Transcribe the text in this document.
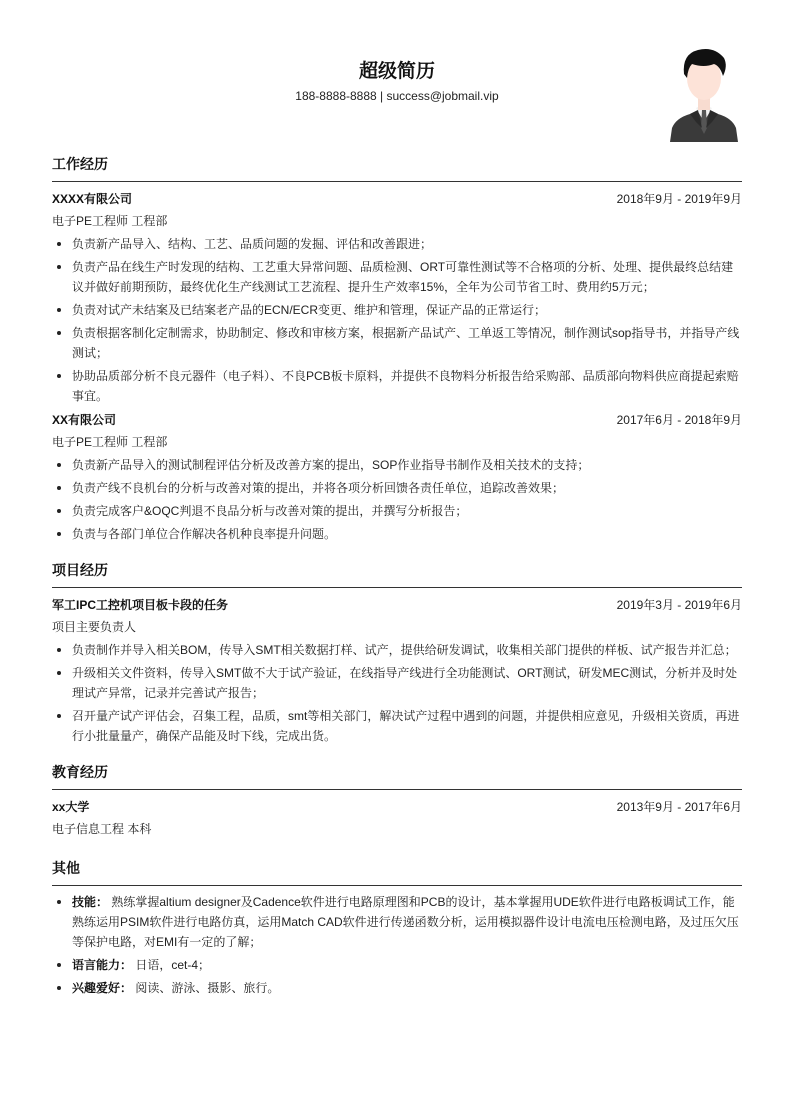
超级简历
188-8888-8888 | success@jobmail.vip
工作经历
XXXX有限公司	2018年9月 - 2019年9月
电子PE工程师 工程部
负责新产品导入、结构、工艺、品质问题的发掘、评估和改善跟进；
负责产品在线生产时发现的结构、工艺重大异常问题、品质检测、ORT可靠性测试等不合格项的分析、处理、提供最终总结建议并做好前期预防，最终优化生产线测试工艺流程、提升生产效率15%，全年为公司节省工时、费用约5万元；
负责对试产未结案及已结案老产品的ECN/ECR变更、维护和管理，保证产品的正常运行；
负责根据客制化定制需求，协助制定、修改和审核方案，根据新产品试产、工单返工等情况，制作测试sop指导书，并指导产线测试；
协助品质部分析不良元器件（电子料）、不良PCB板卡原料，并提供不良物料分析报告给采购部、品质部向物料供应商提起索赔事宜。
XX有限公司	2017年6月 - 2018年9月
电子PE工程师 工程部
负责新产品导入的测试制程评估分析及改善方案的提出，SOP作业指导书制作及相关技术的支持；
负责产线不良机台的分析与改善对策的提出，并将各项分析回馈各责任单位，追踪改善效果；
负责完成客户&OQC判退不良品分析与改善对策的提出，并撰写分析报告；
负责与各部门单位合作解决各机种良率提升问题。
项目经历
军工IPC工控机项目板卡段的任务	2019年3月 - 2019年6月
项目主要负责人
负责制作并导入相关BOM，传导入SMT相关数据打样、试产，提供给研发调试，收集相关部门提供的样板、试产报告并汇总；
升级相关文件资料，传导入SMT做不大于试产验证，在线指导产线进行全功能测试、ORT测试，研发MEC测试，分析并及时处理试产异常，记录并完善试产报告；
召开量产试产评估会，召集工程，品质，smt等相关部门，解决试产过程中遇到的问题，并提供相应意见，升级相关资质，再进行小批量量产，确保产品能及时下线，完成出货。
教育经历
xx大学	2013年9月 - 2017年6月
电子信息工程 本科
其他
技能： 熟练掌握altium designer及Cadence软件进行电路原理图和PCB的设计，基本掌握用UDE软件进行电路板调试工作，能熟练运用PSIM软件进行电路仿真，运用Match CAD软件进行传递函数分析，运用模拟器件设计电流电压检测电路，及过压欠压等保护电路，对EMI有一定的了解；
语言能力： 日语，cet-4；
兴趣爱好： 阅读、游泳、摄影、旅行。
